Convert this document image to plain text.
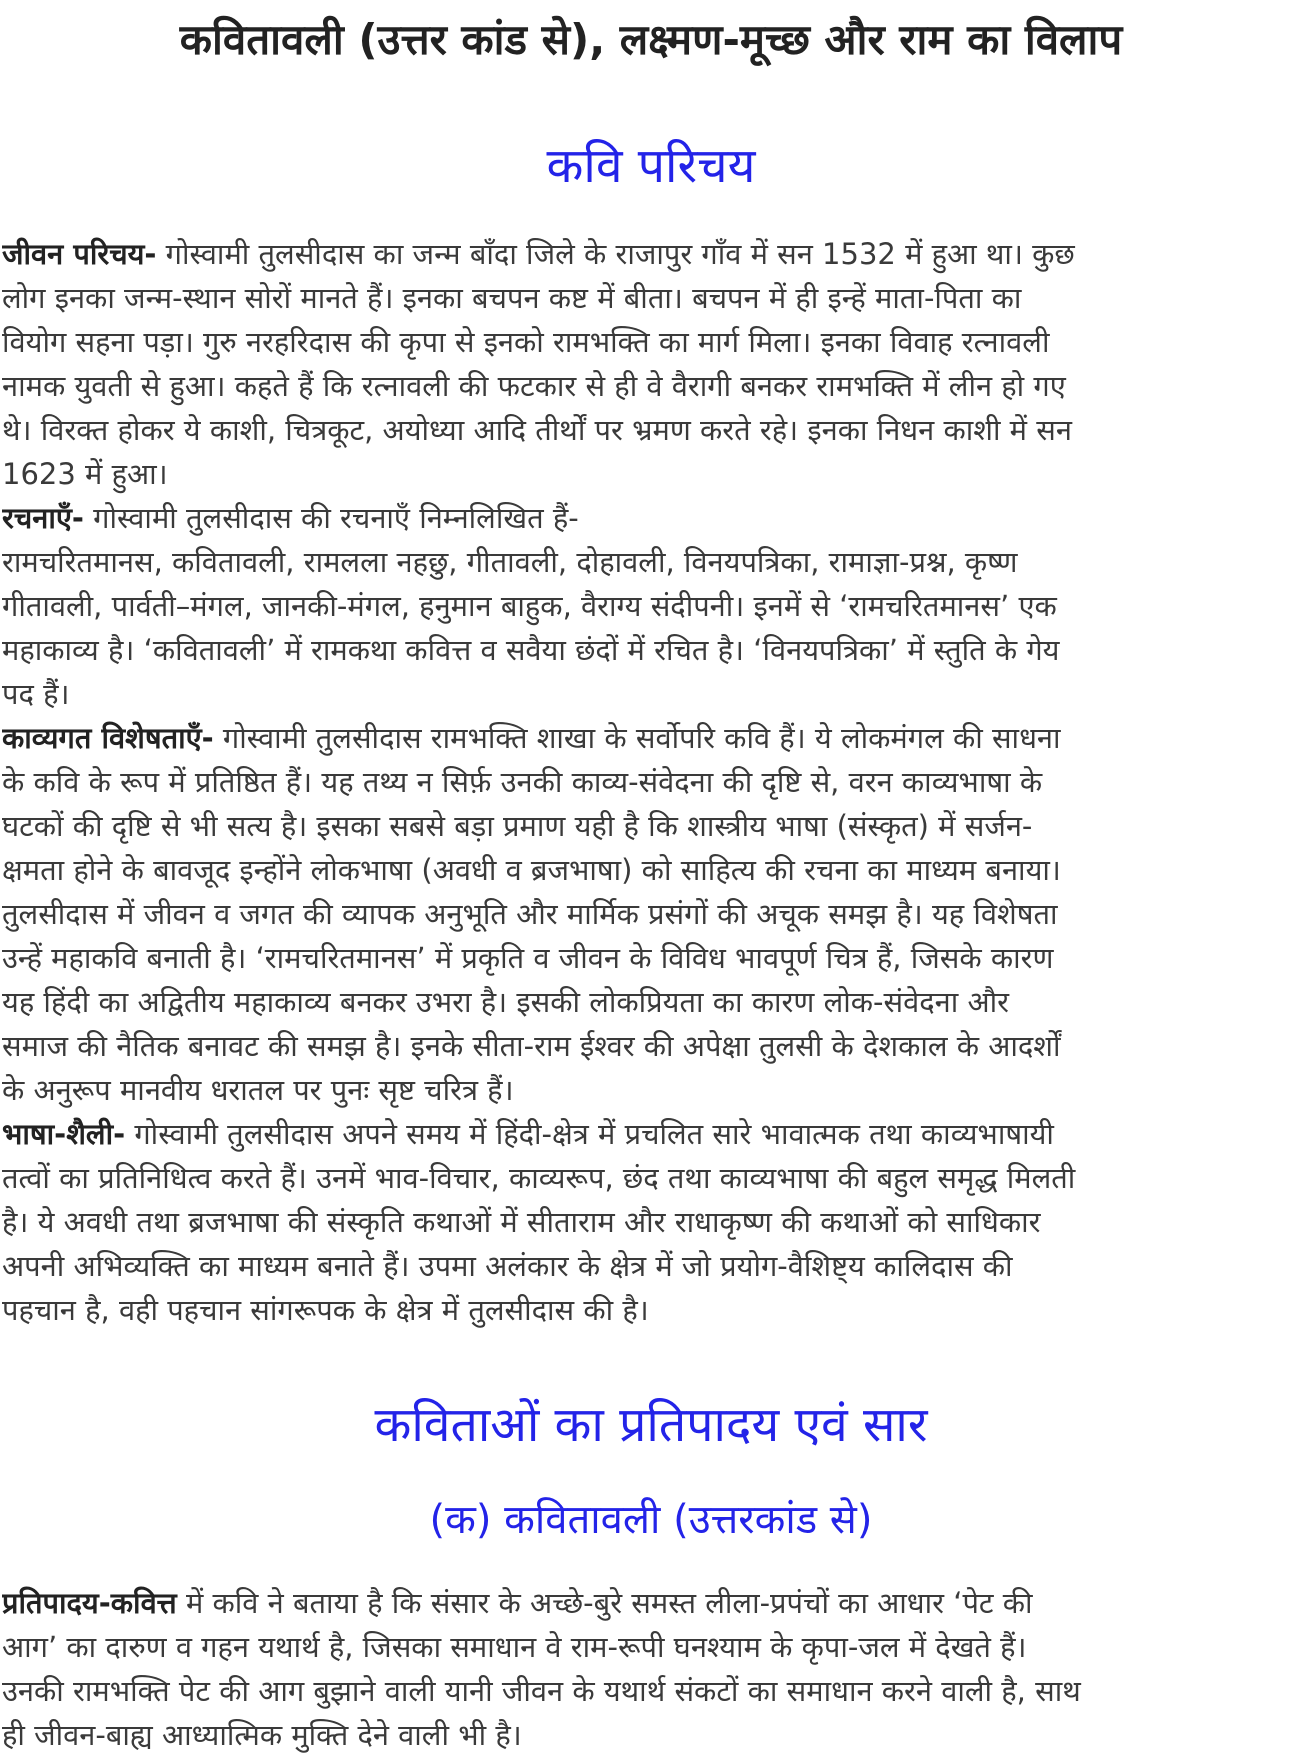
कवितावली (उत्तर कांड से), लक्ष्मण-मूच्छ और राम का विलाप
कवि परिचय
जीवन परिचय- गोस्वामी तुलसीदास का जन्म बाँदा जिले के राजापुर गाँव में सन 1532 में हुआ था। कुछ
लोग इनका जन्म-स्थान सोरों मानते हैं। इनका बचपन कष्ट में बीता। बचपन में ही इन्हें माता-पिता का
वियोग सहना पड़ा। गुरु नरहरिदास की कृपा से इनको रामभक्ति का मार्ग मिला। इनका विवाह रत्नावली
नामक युवती से हुआ। कहते हैं कि रत्नावली की फटकार से ही वे वैरागी बनकर रामभक्ति में लीन हो गए
थे। विरक्त होकर ये काशी, चित्रकूट, अयोध्या आदि तीर्थों पर भ्रमण करते रहे। इनका निधन काशी में सन
1623 में हुआ।
रचनाएँ- गोस्वामी तुलसीदास की रचनाएँ निम्नलिखित हैं-
रामचरितमानस, कवितावली, रामलला नहछु, गीतावली, दोहावली, विनयपत्रिका, रामाज्ञा-प्रश्न, कृष्ण
गीतावली, पार्वती–मंगल, जानकी-मंगल, हनुमान बाहुक, वैराग्य संदीपनी। इनमें से ‘रामचरितमानस’ एक
महाकाव्य है। ‘कवितावली’ में रामकथा कवित्त व सवैया छंदों में रचित है। ‘विनयपत्रिका’ में स्तुति के गेय
पद हैं।
काव्यगत विशेषताएँ- गोस्वामी तुलसीदास रामभक्ति शाखा के सर्वोपरि कवि हैं। ये लोकमंगल की साधना
के कवि के रूप में प्रतिष्ठित हैं। यह तथ्य न सिर्फ़ उनकी काव्य-संवेदना की दृष्टि से, वरन काव्यभाषा के
घटकों की दृष्टि से भी सत्य है। इसका सबसे बड़ा प्रमाण यही है कि शास्त्रीय भाषा (संस्कृत) में सर्जन-
क्षमता होने के बावजूद इन्होंने लोकभाषा (अवधी व ब्रजभाषा) को साहित्य की रचना का माध्यम बनाया।
तुलसीदास में जीवन व जगत की व्यापक अनुभूति और मार्मिक प्रसंगों की अचूक समझ है। यह विशेषता
उन्हें महाकवि बनाती है। ‘रामचरितमानस’ में प्रकृति व जीवन के विविध भावपूर्ण चित्र हैं, जिसके कारण
यह हिंदी का अद्वितीय महाकाव्य बनकर उभरा है। इसकी लोकप्रियता का कारण लोक-संवेदना और
समाज की नैतिक बनावट की समझ है। इनके सीता-राम ईश्वर की अपेक्षा तुलसी के देशकाल के आदर्शों
के अनुरूप मानवीय धरातल पर पुनः सृष्ट चरित्र हैं।
भाषा-शैली- गोस्वामी तुलसीदास अपने समय में हिंदी-क्षेत्र में प्रचलित सारे भावात्मक तथा काव्यभाषायी
तत्वों का प्रतिनिधित्व करते हैं। उनमें भाव-विचार, काव्यरूप, छंद तथा काव्यभाषा की बहुल समृद्ध मिलती
है। ये अवधी तथा ब्रजभाषा की संस्कृति कथाओं में सीताराम और राधाकृष्ण की कथाओं को साधिकार
अपनी अभिव्यक्ति का माध्यम बनाते हैं। उपमा अलंकार के क्षेत्र में जो प्रयोग-वैशिष्ट्य कालिदास की
पहचान है, वही पहचान सांगरूपक के क्षेत्र में तुलसीदास की है।
कविताओं का प्रतिपादय एवं सार
(क) कवितावली (उत्तरकांड से)
प्रतिपादय-कवित्त में कवि ने बताया है कि संसार के अच्छे-बुरे समस्त लीला-प्रपंचों का आधार ‘पेट की
आग’ का दारुण व गहन यथार्थ है, जिसका समाधान वे राम-रूपी घनश्याम के कृपा-जल में देखते हैं।
उनकी रामभक्ति पेट की आग बुझाने वाली यानी जीवन के यथार्थ संकटों का समाधान करने वाली है, साथ
ही जीवन-बाह्य आध्यात्मिक मुक्ति देने वाली भी है।
